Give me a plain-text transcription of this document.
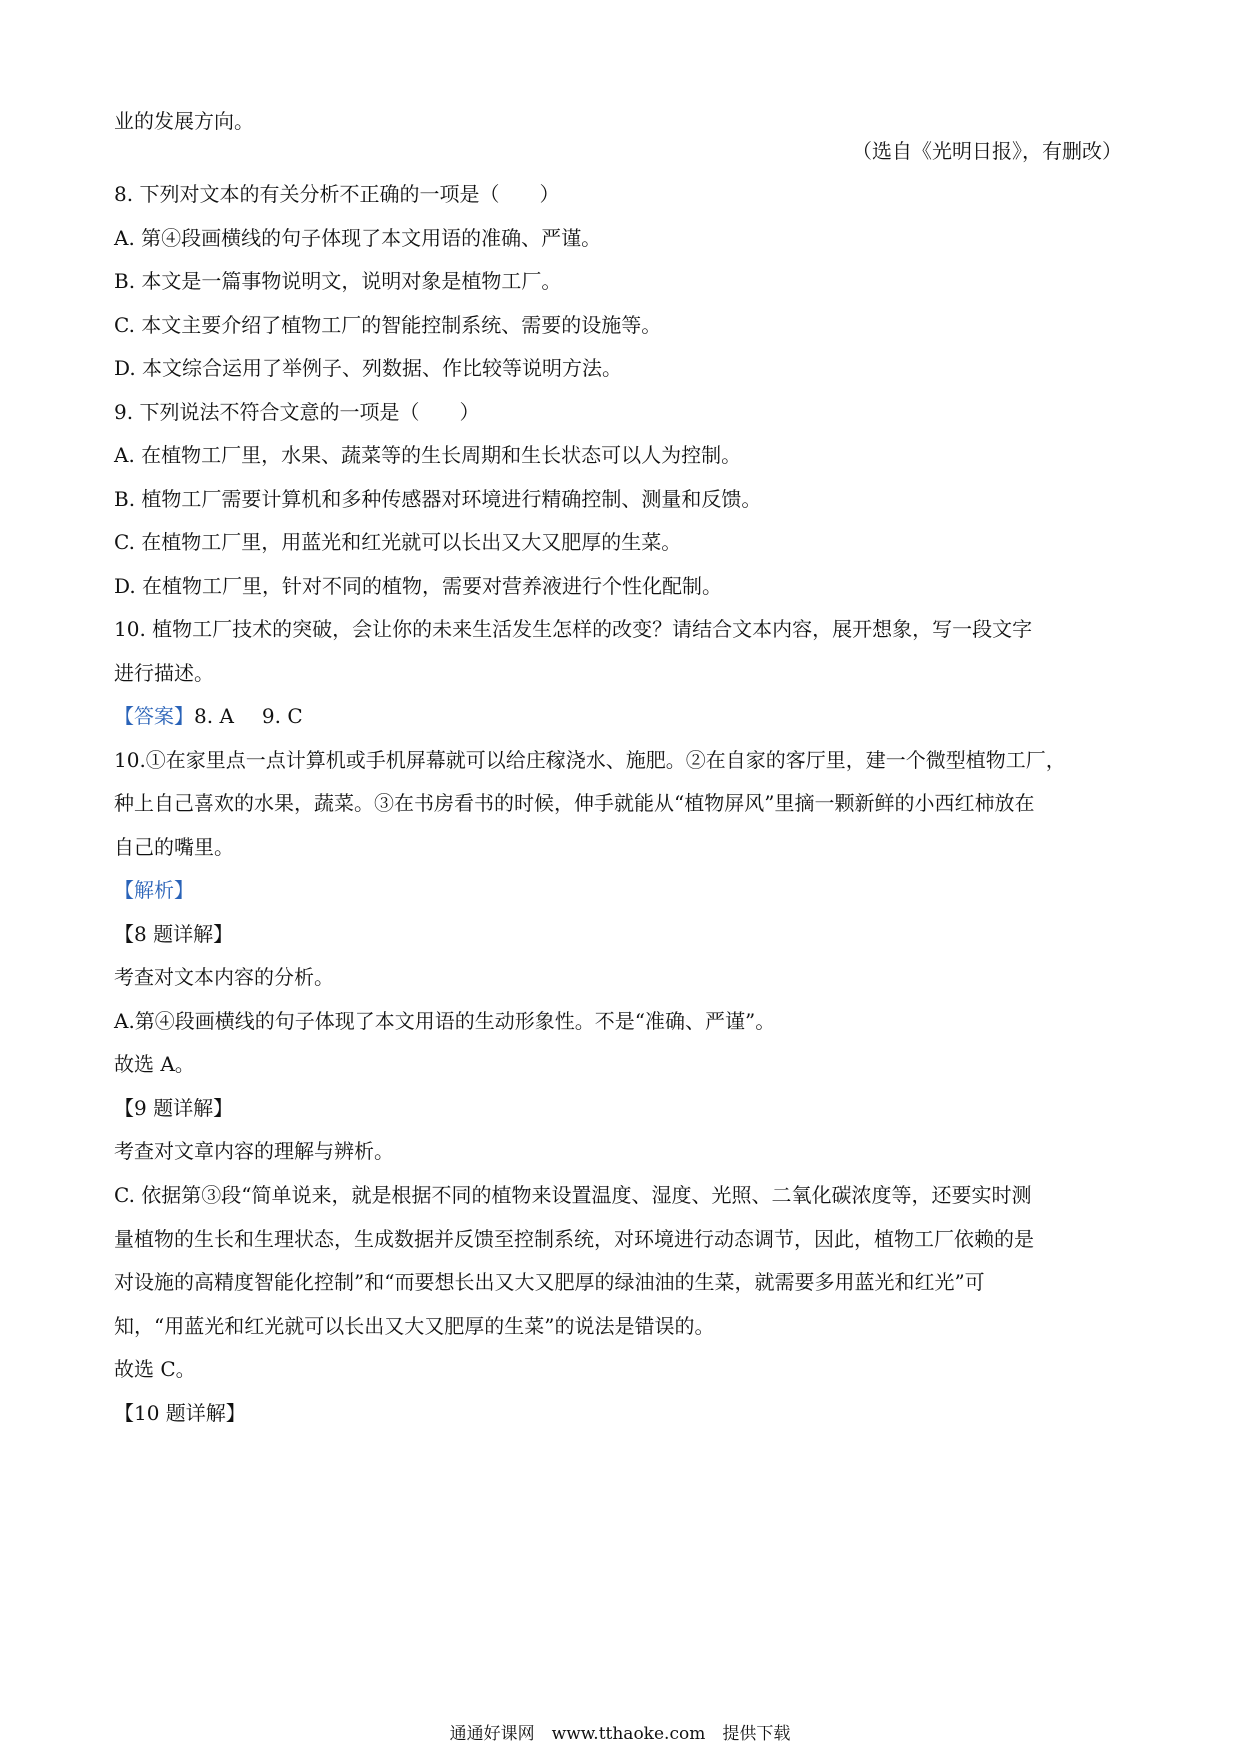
业的发展方向。
（选自《光明日报》，有删改）
8. 下列对文本的有关分析不正确的一项是（　　）
A. 第④段画横线的句子体现了本文用语的准确、严谨。
B. 本文是一篇事物说明文，说明对象是植物工厂。
C. 本文主要介绍了植物工厂的智能控制系统、需要的设施等。
D. 本文综合运用了举例子、列数据、作比较等说明方法。
9. 下列说法不符合文意的一项是（　　）
A. 在植物工厂里，水果、蔬菜等的生长周期和生长状态可以人为控制。
B. 植物工厂需要计算机和多种传感器对环境进行精确控制、测量和反馈。
C. 在植物工厂里，用蓝光和红光就可以长出又大又肥厚的生菜。
D. 在植物工厂里，针对不同的植物，需要对营养液进行个性化配制。
10. 植物工厂技术的突破，会让你的未来生活发生怎样的改变？请结合文本内容，展开想象，写一段文字
进行描述。
【答案】8. A 9. C
10.①在家里点一点计算机或手机屏幕就可以给庄稼浇水、施肥。②在自家的客厅里，建一个微型植物工厂，
种上自己喜欢的水果，蔬菜。③在书房看书的时候，伸手就能从“植物屏风”里摘一颗新鲜的小西红柿放在
自己的嘴里。
【解析】
【8 题详解】
考查对文本内容的分析。
A.第④段画横线的句子体现了本文用语的生动形象性。不是“准确、严谨”。
故选 A。
【9 题详解】
考查对文章内容的理解与辨析。
C. 依据第③段“简单说来，就是根据不同的植物来设置温度、湿度、光照、二氧化碳浓度等，还要实时测
量植物的生长和生理状态，生成数据并反馈至控制系统，对环境进行动态调节，因此，植物工厂依赖的是
对设施的高精度智能化控制”和“而要想长出又大又肥厚的绿油油的生菜，就需要多用蓝光和红光”可
知，“用蓝光和红光就可以长出又大又肥厚的生菜”的说法是错误的。
故选 C。
【10 题详解】
通通好课网　www.tthaoke.com　提供下载
